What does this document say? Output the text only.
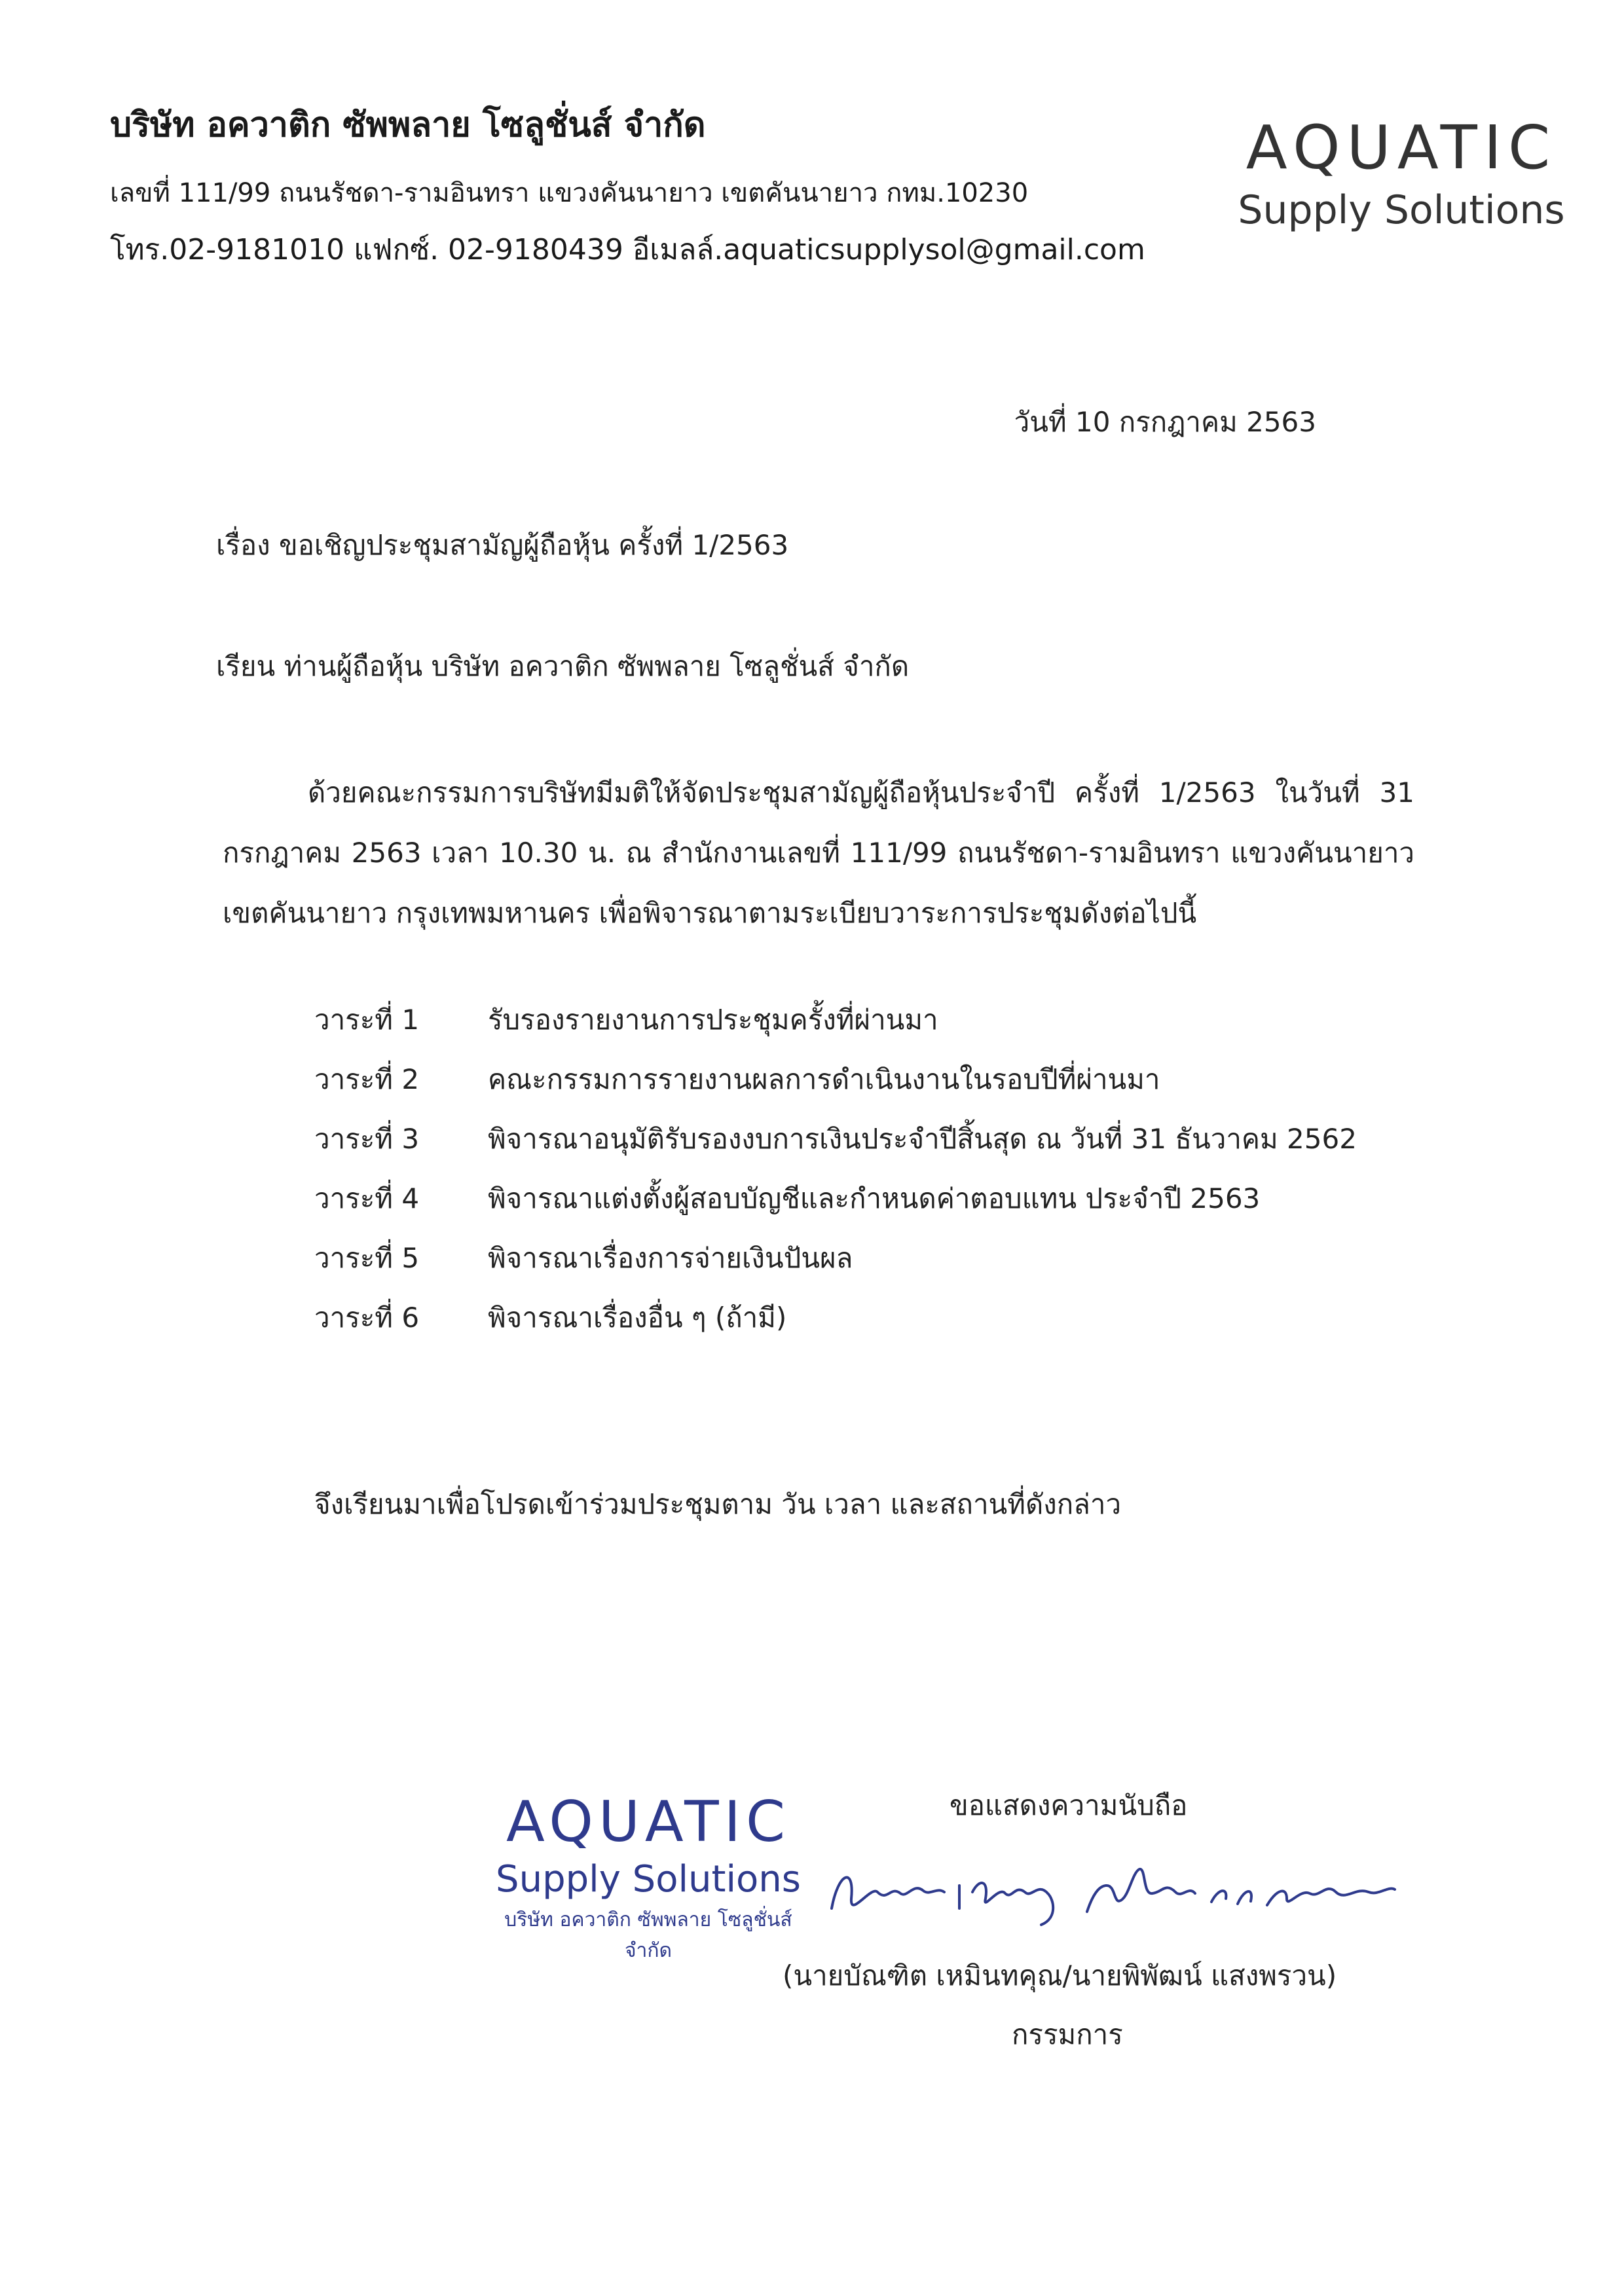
บริษัท อควาติก ซัพพลาย โซลูชั่นส์ จำกัด
เลขที่ 111/99 ถนนรัชดา-รามอินทรา แขวงคันนายาว เขตคันนายาว กทม.10230
โทร.02-9181010 แฟกซ์. 02-9180439 อีเมลล์.aquaticsupplysol@gmail.com
AQUATIC
Supply Solutions
วันที่ 10 กรกฎาคม 2563
เรื่อง ขอเชิญประชุมสามัญผู้ถือหุ้น ครั้งที่ 1/2563
เรียน ท่านผู้ถือหุ้น บริษัท อควาติก ซัพพลาย โซลูชั่นส์ จำกัด

ด้วยคณะกรรมการบริษัทมีมติให้จัดประชุมสามัญผู้ถือหุ้นประจำปี ครั้งที่ 1/2563 ในวันที่ 31 กรกฎาคม 2563 เวลา 10.30 น. ณ สำนักงานเลขที่ 111/99 ถนนรัชดา-รามอินทรา แขวงคันนายาว เขตคันนายาว กรุงเทพมหานคร เพื่อพิจารณาตามระเบียบวาระการประชุมดังต่อไปนี้

วาระที่ 1	รับรองรายงานการประชุมครั้งที่ผ่านมา
วาระที่ 2	คณะกรรมการรายงานผลการดำเนินงานในรอบปีที่ผ่านมา
วาระที่ 3	พิจารณาอนุมัติรับรองงบการเงินประจำปีสิ้นสุด ณ วันที่ 31 ธันวาคม 2562
วาระที่ 4	พิจารณาแต่งตั้งผู้สอบบัญชีและกำหนดค่าตอบแทน ประจำปี 2563
วาระที่ 5	พิจารณาเรื่องการจ่ายเงินปันผล
วาระที่ 6	พิจารณาเรื่องอื่น ๆ (ถ้ามี)
จึงเรียนมาเพื่อโปรดเข้าร่วมประชุมตาม วัน เวลา และสถานที่ดังกล่าว
ขอแสดงความนับถือ
AQUATIC
Supply Solutions
บริษัท อควาติก ซัพพลาย โซลูชั่นส์ จำกัด
(นายบัณฑิต เหมินทคุณ/นายพิพัฒน์ แสงพรวน)
กรรมการ
